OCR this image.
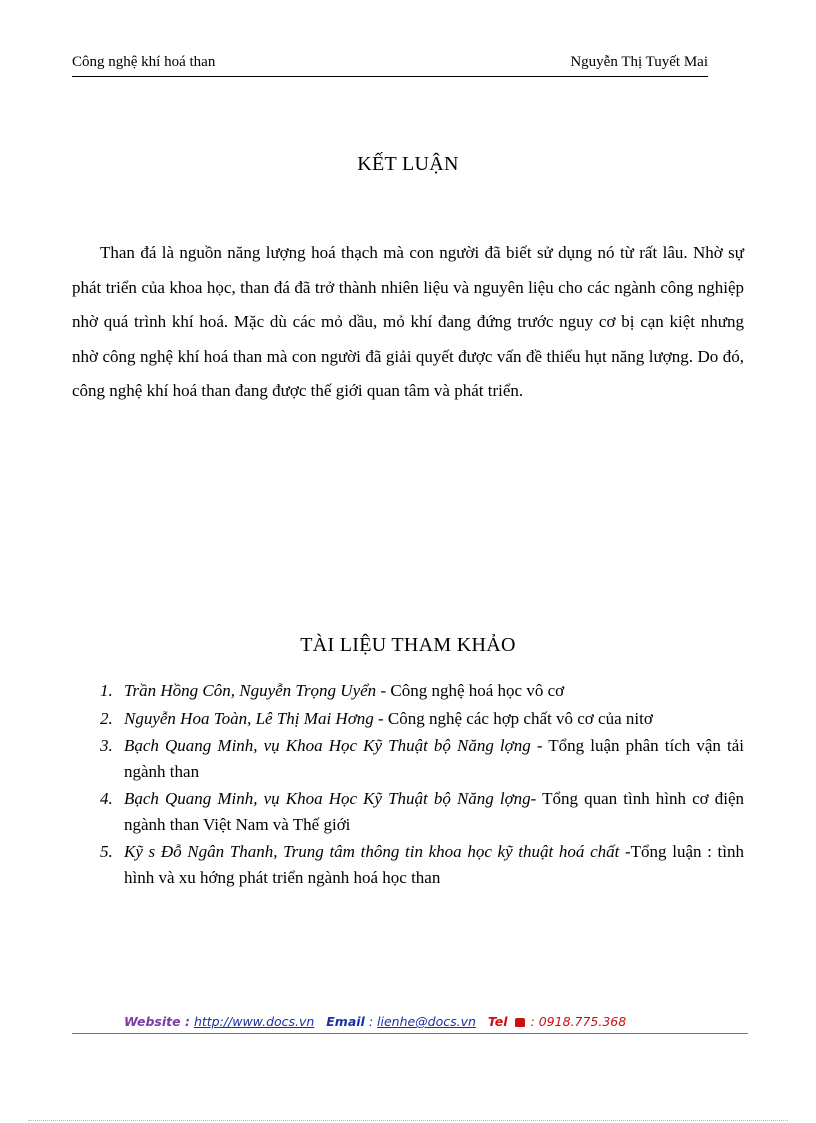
Công nghệ khí hoá than	Nguyễn Thị Tuyết Mai
KẾT LUẬN

Than đá là nguồn năng lượng hoá thạch mà con người đã biết sử dụng nó từ rất lâu. Nhờ sự phát triển của khoa học, than đá đã trở thành nhiên liệu và nguyên liệu cho các ngành công nghiệp nhờ quá trình khí hoá. Mặc dù các mỏ dầu, mỏ khí đang đứng trước nguy cơ bị cạn kiệt nhưng nhờ công nghệ khí hoá than mà con người đã giải quyết được vấn đề thiếu hụt năng lượng. Do đó, công nghệ khí hoá than đang được thế giới quan tâm và phát triển.

TÀI LIỆU THAM KHẢO
1. Trần Hồng Côn, Nguyễn Trọng Uyển - Công nghệ hoá học vô cơ
2. Nguyễn Hoa Toàn, Lê Thị Mai Hơng - Công nghệ các hợp chất vô cơ của nitơ
3. Bạch Quang Minh, vụ Khoa Học Kỹ Thuật bộ Năng lợng - Tổng luận phân tích vận tải ngành than
4. Bạch Quang Minh, vụ Khoa Học Kỹ Thuật bộ Năng lợng- Tổng quan tình hình cơ điện ngành than Việt Nam và Thế giới
5. Kỹ s Đỗ Ngân Thanh, Trung tâm thông tin khoa học kỹ thuật hoá chất -Tổng luận : tình hình và xu hớng phát triển ngành hoá học than
Website : http://www.docs.vn Email : lienhe@docs.vn Tel : 0918.775.368
